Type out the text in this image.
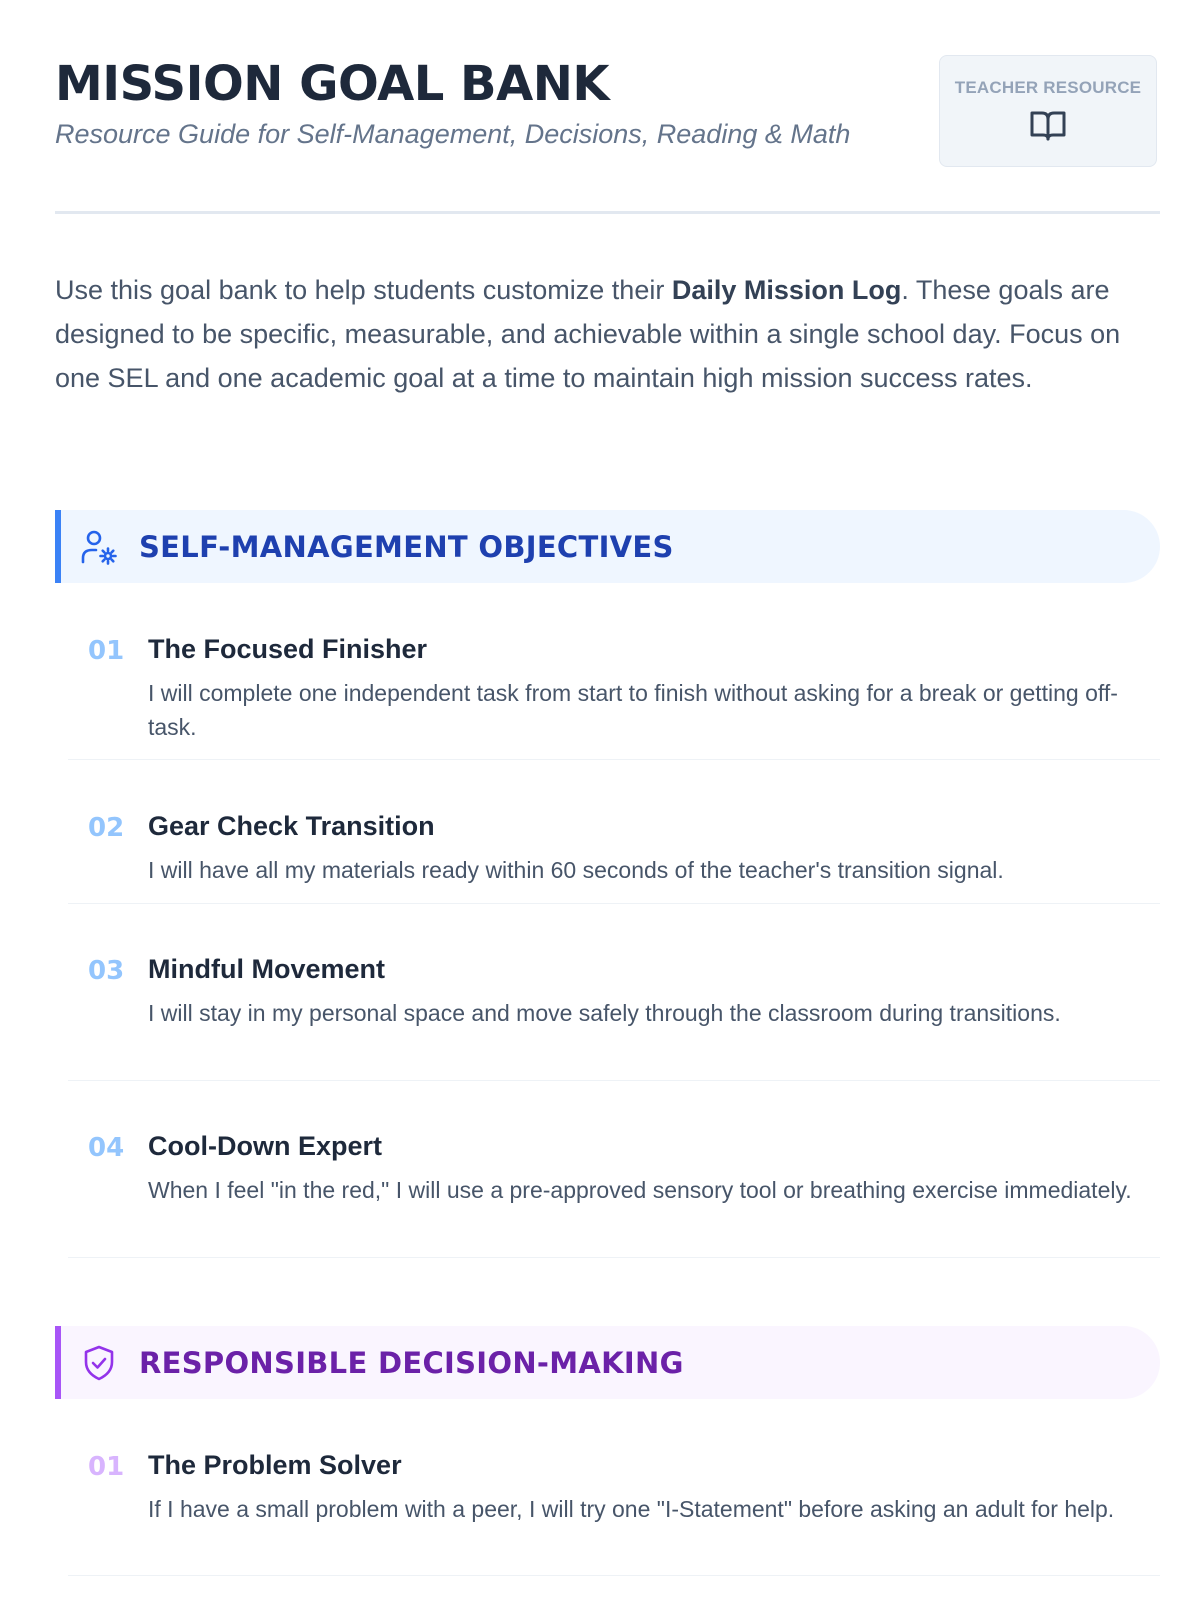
MISSION GOAL BANK

Resource Guide for Self-Management, Decisions, Reading & Math

TEACHER RESOURCE

Use this goal bank to help students customize their Daily Mission Log. These goals are designed to be specific, measurable, and achievable within a single school day. Focus on one SEL and one academic goal at a time to maintain high mission success rates.

SELF-MANAGEMENT OBJECTIVES
01 The Focused Finisher

I will complete one independent task from start to finish without asking for a break or getting off-task.

02 Gear Check Transition

I will have all my materials ready within 60 seconds of the teacher's transition signal.

03 Mindful Movement

I will stay in my personal space and move safely through the classroom during transitions.

04 Cool-Down Expert

When I feel "in the red," I will use a pre-approved sensory tool or breathing exercise immediately.

RESPONSIBLE DECISION-MAKING
01 The Problem Solver

If I have a small problem with a peer, I will try one "I-Statement" before asking an adult for help.
